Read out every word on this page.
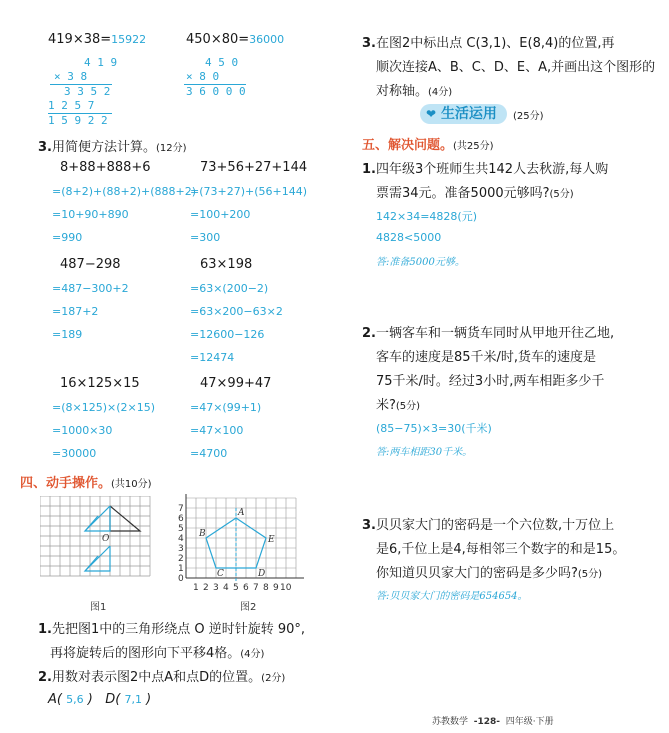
419×38=15922
4 1 9
× 3 8
3 3 5 2
1 2 5 7
1 5 9 2 2
450×80=36000
4 5 0
× 8 0
3 6 0 0 0
3.用简便方法计算。(12分)
8+88+888+6
=(8+2)+(88+2)+(888+2)
=10+90+890
=990
73+56+27+144
=(73+27)+(56+144)
=100+200
=300
487−298
=487−300+2
=187+2
=189
63×198
=63×(200−2)
=63×200−63×2
=12600−126
=12474
16×125×15
=(8×125)×(2×15)
=1000×30
=30000
47×99+47
=47×(99+1)
=47×100
=4700
四、动手操作。(共10分)
O
图1
0
1
2
3
4
5
6
7
1 2 3 4 5 6 7 8 9 10
A
B
C	D
E
图2
1.先把图1中的三角形绕点 O 逆时针旋转 90°,
再将旋转后的图形向下平移4格。(4分)
2.用数对表示图2中点A和点D的位置。(2分)
A( 5,6 ) D( 7,1 )
3.在图2中标出点 C(3,1)、E(8,4)的位置,再
顺次连接A、B、C、D、E、A,并画出这个图形的
对称轴。(4分)
❤ 生活运用	(25分)
五、解决问题。(共25分)
1.四年级3个班师生共142人去秋游,每人购
票需34元。准备5000元够吗?(5分)
142×34=4828(元)
4828<5000
答:准备5000元够。
2.一辆客车和一辆货车同时从甲地开往乙地,
客车的速度是85千米/时,货车的速度是
75千米/时。经过3小时,两车相距多少千
米?(5分)
(85−75)×3=30(千米)
答:两车相距30千米。
3.贝贝家大门的密码是一个六位数,十万位上
是6,千位上是4,每相邻三个数字的和是15。
你知道贝贝家大门的密码是多少吗?(5分)
答:贝贝家大门的密码是654654。
苏教数学 -128- 四年级·下册
